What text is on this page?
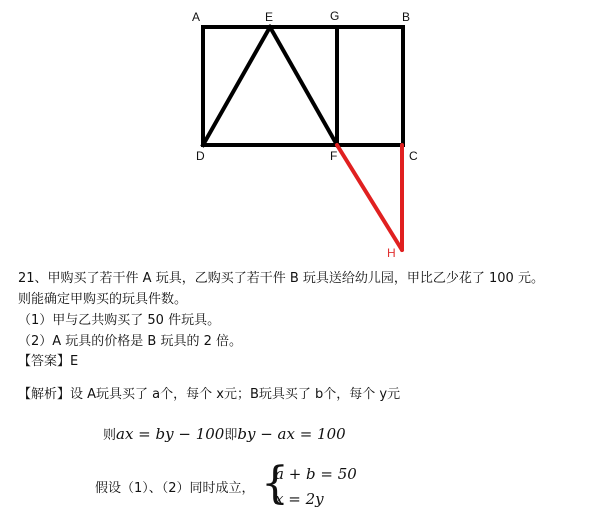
A	E	G	B
D	F	C
H
21、甲购买了若干件 A 玩具，乙购买了若干件 B 玩具送给幼儿园，甲比乙少花了 100 元。
则能确定甲购买的玩具件数。
（1）甲与乙共购买了 50 件玩具。
（2）A 玩具的价格是 B 玩具的 2 倍。
【答案】E
【解析】设 A玩具买了 a个，每个 x元；B玩具买了 b个，每个 y元
则ax = by − 100即by − ax = 100
假设（1）、（2）同时成立， {
a + b = 50
x = 2y
